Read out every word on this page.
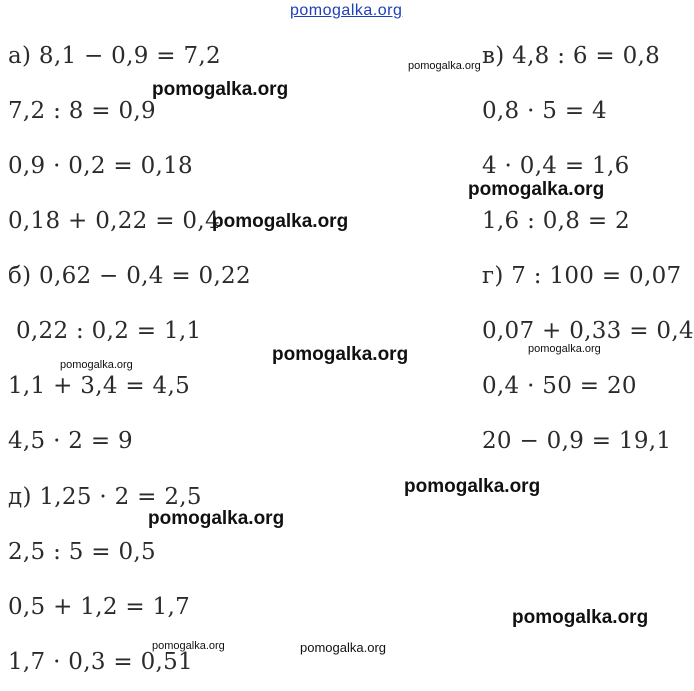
pomogalka.org
а) 8,1 − 0,9 = 7,2
7,2 : 8 = 0,9
0,9 · 0,2 = 0,18
0,18 + 0,22 = 0,4
б) 0,62 − 0,4 = 0,22
0,22 : 0,2 = 1,1
1,1 + 3,4 = 4,5
4,5 · 2 = 9
д) 1,25 · 2 = 2,5
2,5 : 5 = 0,5
0,5 + 1,2 = 1,7
1,7 · 0,3 = 0,51
в) 4,8 : 6 = 0,8
0,8 · 5 = 4
4 · 0,4 = 1,6
1,6 : 0,8 = 2
г) 7 : 100 = 0,07
0,07 + 0,33 = 0,4
0,4 · 50 = 20
20 − 0,9 = 19,1
pomogalka.org
pomogalka.org
pomogalka.org
pomogalka.org
pomogalka.org
pomogalka.org
pomogalka.org
pomogalka.org
pomogalka.org
pomogalka.org
pomogalka.org	pomogalka.org
